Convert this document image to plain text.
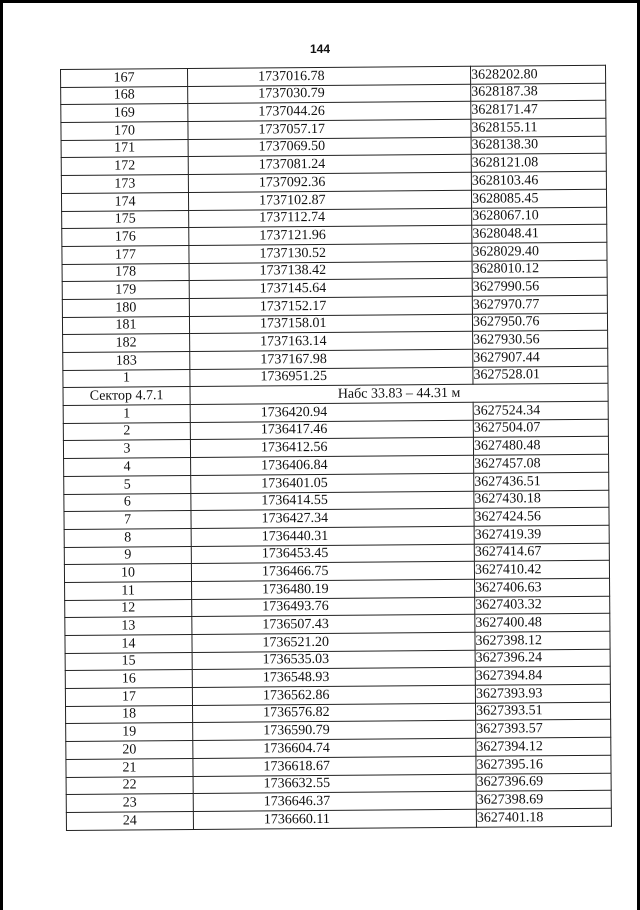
144
167	1737016.78	3628202.80
168	1737030.79	3628187.38
169	1737044.26	3628171.47
170	1737057.17	3628155.11
171	1737069.50	3628138.30
172	1737081.24	3628121.08
173	1737092.36	3628103.46
174	1737102.87	3628085.45
175	1737112.74	3628067.10
176	1737121.96	3628048.41
177	1737130.52	3628029.40
178	1737138.42	3628010.12
179	1737145.64	3627990.56
180	1737152.17	3627970.77
181	1737158.01	3627950.76
182	1737163.14	3627930.56
183	1737167.98	3627907.44
1	1736951.25	3627528.01
Сектор 4.7.1	Набс 33.83 – 44.31 м	
1	1736420.94	3627524.34
2	1736417.46	3627504.07
3	1736412.56	3627480.48
4	1736406.84	3627457.08
5	1736401.05	3627436.51
6	1736414.55	3627430.18
7	1736427.34	3627424.56
8	1736440.31	3627419.39
9	1736453.45	3627414.67
10	1736466.75	3627410.42
11	1736480.19	3627406.63
12	1736493.76	3627403.32
13	1736507.43	3627400.48
14	1736521.20	3627398.12
15	1736535.03	3627396.24
16	1736548.93	3627394.84
17	1736562.86	3627393.93
18	1736576.82	3627393.51
19	1736590.79	3627393.57
20	1736604.74	3627394.12
21	1736618.67	3627395.16
22	1736632.55	3627396.69
23	1736646.37	3627398.69
24	1736660.11	3627401.18
